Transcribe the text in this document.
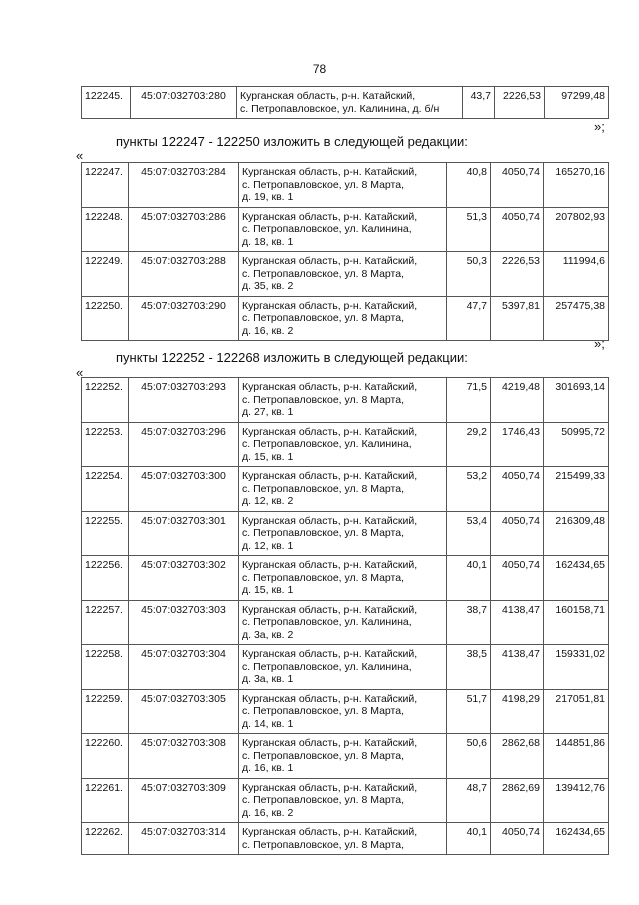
78
122245.	45:07:032703:280	Курганская область, р-н. Катайский,
с. Петропавловское, ул. Калинина, д. б/н
	43,7	2226,53	97299,48
»;
пункты 122247 - 122250 изложить в следующей редакции:
«
122247.	45:07:032703:284	Курганская область, р-н. Катайский,
с. Петропавловское, ул. 8 Марта,
д. 19, кв. 1	40,8	4050,74	165270,16
122248.	45:07:032703:286	Курганская область, р-н. Катайский,
с. Петропавловское, ул. Калинина,
д. 18, кв. 1	51,3	4050,74	207802,93
122249.	45:07:032703:288	Курганская область, р-н. Катайский,
с. Петропавловское, ул. 8 Марта,
д. 35, кв. 2	50,3	2226,53	111994,6
122250.	45:07:032703:290	Курганская область, р-н. Катайский,
с. Петропавловское, ул. 8 Марта,
д. 16, кв. 2	47,7	5397,81	257475,38
»;
пункты 122252 - 122268 изложить в следующей редакции:
«
122252.	45:07:032703:293	Курганская область, р-н. Катайский,
с. Петропавловское, ул. 8 Марта,
д. 27, кв. 1	71,5	4219,48	301693,14
122253.	45:07:032703:296	Курганская область, р-н. Катайский,
с. Петропавловское, ул. Калинина,
д. 15, кв. 1	29,2	1746,43	50995,72
122254.	45:07:032703:300	Курганская область, р-н. Катайский,
с. Петропавловское, ул. 8 Марта,
д. 12, кв. 2	53,2	4050,74	215499,33
122255.	45:07:032703:301	Курганская область, р-н. Катайский,
с. Петропавловское, ул. 8 Марта,
д. 12, кв. 1	53,4	4050,74	216309,48
122256.	45:07:032703:302	Курганская область, р-н. Катайский,
с. Петропавловское, ул. 8 Марта,
д. 15, кв. 1	40,1	4050,74	162434,65
122257.	45:07:032703:303	Курганская область, р-н. Катайский,
с. Петропавловское, ул. Калинина,
д. 3а, кв. 2	38,7	4138,47	160158,71
122258.	45:07:032703:304	Курганская область, р-н. Катайский,
с. Петропавловское, ул. Калинина,
д. 3а, кв. 1	38,5	4138,47	159331,02
122259.	45:07:032703:305	Курганская область, р-н. Катайский,
с. Петропавловское, ул. 8 Марта,
д. 14, кв. 1	51,7	4198,29	217051,81
122260.	45:07:032703:308	Курганская область, р-н. Катайский,
с. Петропавловское, ул. 8 Марта,
д. 16, кв. 1	50,6	2862,68	144851,86
122261.	45:07:032703:309	Курганская область, р-н. Катайский,
с. Петропавловское, ул. 8 Марта,
д. 16, кв. 2	48,7	2862,69	139412,76
122262.	45:07:032703:314	Курганская область, р-н. Катайский,
с. Петропавловское, ул. 8 Марта,	40,1	4050,74	162434,65
